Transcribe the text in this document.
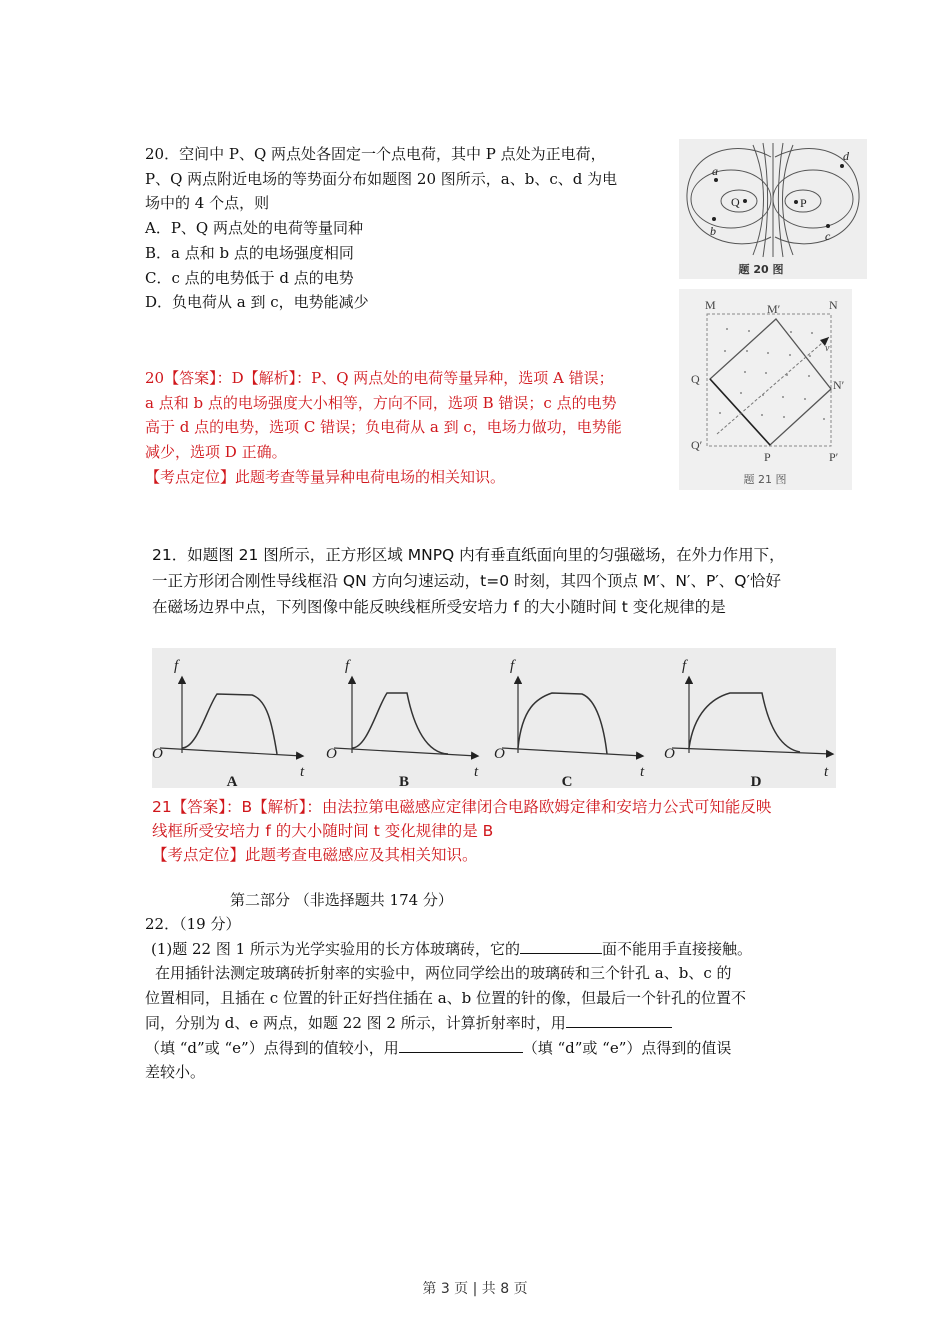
20．空间中 P、Q 两点处各固定一个点电荷，其中 P 点处为正电荷，
P、Q 两点附近电场的等势面分布如题图 20 图所示，a、b、c、d 为电
场中的 4 个点，则
A．P、Q 两点处的电荷等量同种
B．a 点和 b 点的电场强度相同
C．c 点的电势低于 d 点的电势
D．负电荷从 a 到 c，电势能减少
20【答案】：D【解析】：P、Q 两点处的电荷等量异种，选项 A 错误；
a 点和 b 点的电场强度大小相等，方向不同，选项 B 错误；c 点的电势
高于 d 点的电势，选项 C 错误；负电荷从 a 到 c，电场力做功，电势能
减少，选项 D 正确。
【考点定位】此题考查等量异种电荷电场的相关知识。
Q	P
a
b	c
d
题 20 图
M	M′	N
N′
Q
Q′
P	P′
v
题 21 图
21．如题图 21 图所示，正方形区域 MNPQ 内有垂直纸面向里的匀强磁场，在外力作用下，
一正方形闭合刚性导线框沿 QN 方向匀速运动，t=0 时刻，其四个顶点 M′、N′、P′、Q′恰好
在磁场边界中点，下列图像中能反映线框所受安培力 f 的大小随时间 t 变化规律的是
f
O
t
f
O
t
f
O
t
f
O
t
A	B	C	D
21【答案】：B【解析】：由法拉第电磁感应定律闭合电路欧姆定律和安培力公式可知能反映
线框所受安培力 f 的大小随时间 t 变化规律的是 B
【考点定位】此题考查电磁感应及其相关知识。
第二部分 （非选择题共 174 分）
22．（19 分）
(1)题 22 图 1 所示为光学实验用的长方体玻璃砖，它的	面不能用手直接接触。
在用插针法测定玻璃砖折射率的实验中，两位同学绘出的玻璃砖和三个针孔 a、b、c 的
位置相同，且插在 c 位置的针正好挡住插在 a、b 位置的针的像，但最后一个针孔的位置不
同，分别为 d、e 两点，如题 22 图 2 所示，计算折射率时，用
（填 “d”或 “e”）点得到的值较小，用	（填 “d”或 “e”）点得到的值误
差较小。
第 3 页 | 共 8 页
